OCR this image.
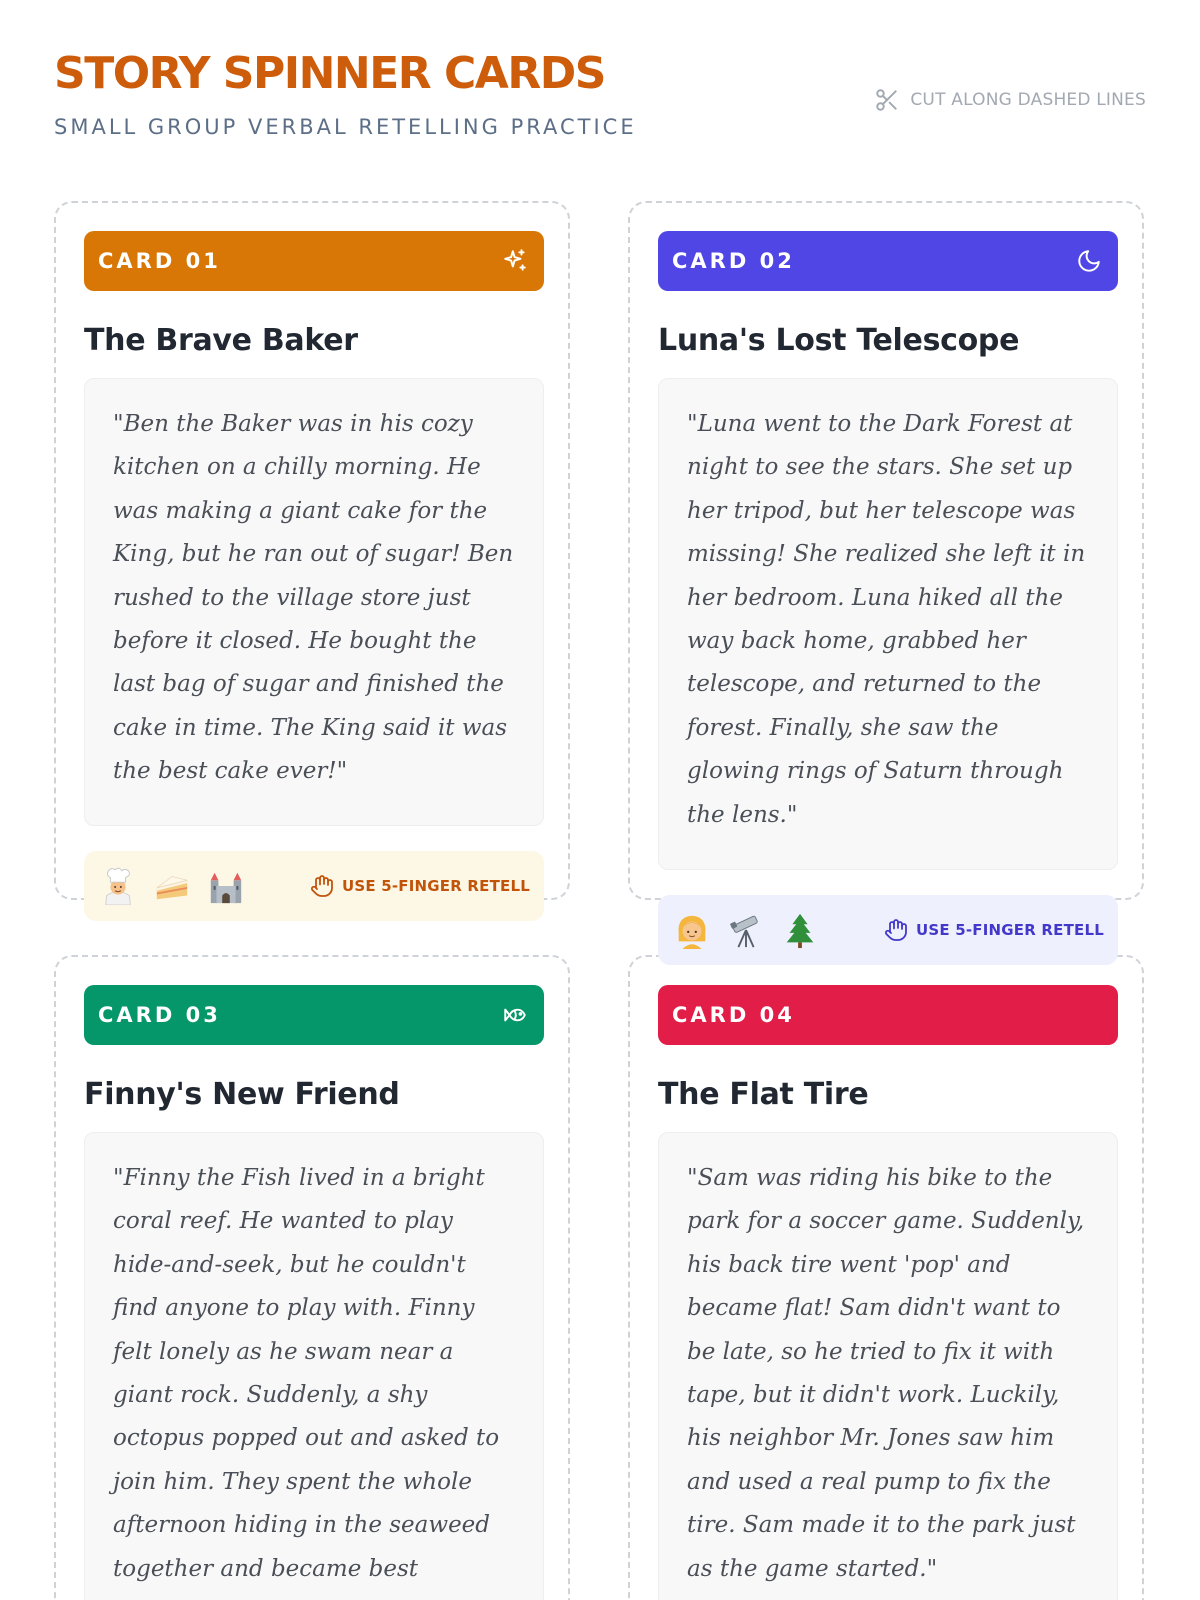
STORY SPINNER CARDS
SMALL GROUP VERBAL RETELLING PRACTICE
CUT ALONG DASHED LINES
CARD 01
The Brave Baker

"Ben the Baker was in his cozy kitchen on a chilly morning. He was making a giant cake for the King, but he ran out of sugar! Ben rushed to the village store just before it closed. He bought the last bag of sugar and finished the cake in time. The King said it was the best cake ever!"

CARD 02
Luna's Lost Telescope

"Luna went to the Dark Forest at night to see the stars. She set up her tripod, but her telescope was missing! She realized she left it in her bedroom. Luna hiked all the way back home, grabbed her telescope, and returned to the forest. Finally, she saw the glowing rings of Saturn through the lens."

CARD 03
Finny's New Friend

"Finny the Fish lived in a bright coral reef. He wanted to play hide-and-seek, but he couldn't find anyone to play with. Finny felt lonely as he swam near a giant rock. Suddenly, a shy octopus popped out and asked to join him. They spent the whole afternoon hiding in the seaweed together and became best

CARD 04
The Flat Tire

"Sam was riding his bike to the park for a soccer game. Suddenly, his back tire went 'pop' and became flat! Sam didn't want to be late, so he tried to fix it with tape, but it didn't work. Luckily, his neighbor Mr. Jones saw him and used a real pump to fix the tire. Sam made it to the park just as the game started."

USE 5-FINGER RETELL
USE 5-FINGER RETELL
